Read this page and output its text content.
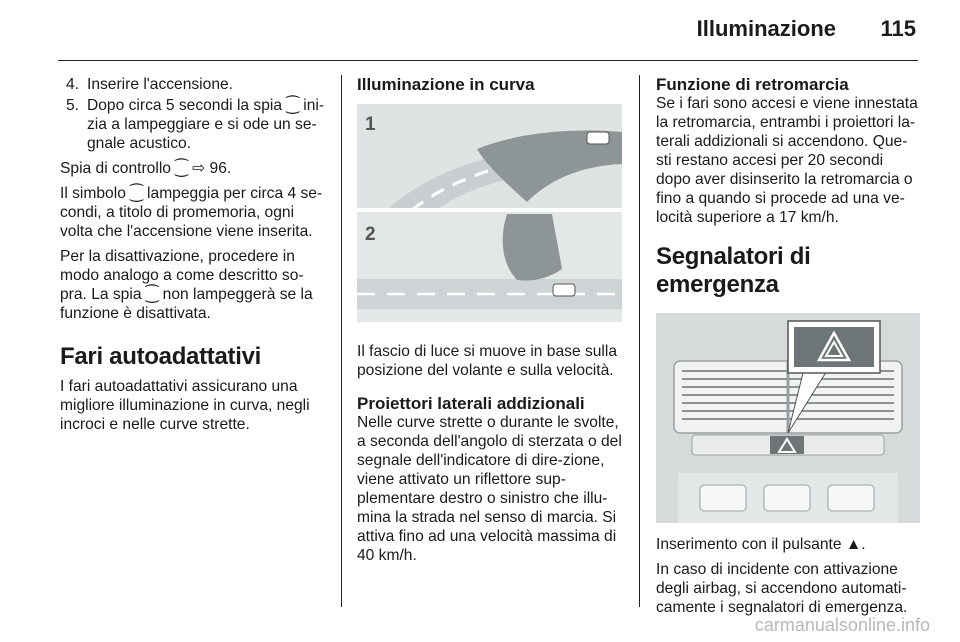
Illuminazione 115
4. Inserire l'accensione.
5. Dopo circa 5 secondi la spia ⁐ ini-zia a lampeggiare e si ode un se-gnale acustico.

Spia di controllo ⁐ ⇨ 96.

Il simbolo ⁐ lampeggia per circa 4 se-condi, a titolo di promemoria, ogni volta che l'accensione viene inserita.

Per la disattivazione, procedere in modo analogo a come descritto so-pra. La spia ⁐ non lampeggerà se la funzione è disattivata.

Fari autoadattativi

I fari autoadattativi assicurano una migliore illuminazione in curva, negli incroci e nelle curve strette.

Illuminazione in curva
1
2

Il fascio di luce si muove in base sulla posizione del volante e sulla velocità.

Proiettori laterali addizionali

Nelle curve strette o durante le svolte, a seconda dell'angolo di sterzata o del segnale dell'indicatore di dire-zione, viene attivato un riflettore sup-plementare destro o sinistro che illu-mina la strada nel senso di marcia. Si attiva fino ad una velocità massima di 40 km/h.

Funzione di retromarcia

Se i fari sono accesi e viene innestata la retromarcia, entrambi i proiettori la-terali addizionali si accendono. Que-sti restano accesi per 20 secondi dopo aver disinserito la retromarcia o fino a quando si procede ad una ve-locità superiore a 17 km/h.

Segnalatori di emergenza

Inserimento con il pulsante ▲.

In caso di incidente con attivazione degli airbag, si accendono automati-camente i segnalatori di emergenza.

carmanualsonline.info
